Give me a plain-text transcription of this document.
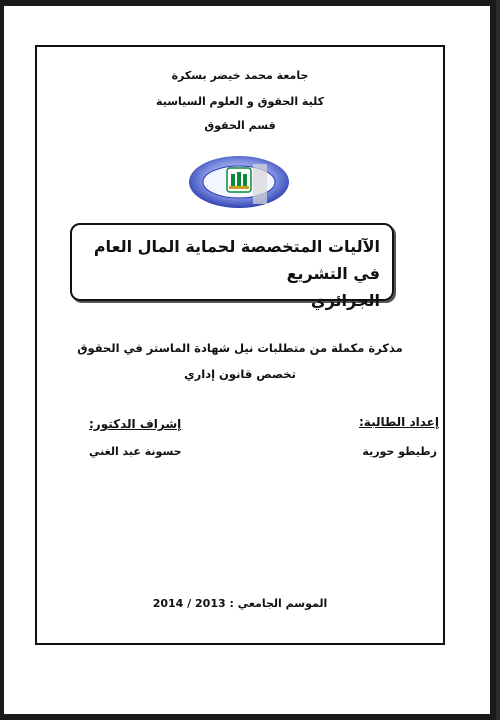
جامعة محمد خيضر بسكرة
كلية الحقوق و العلوم السياسية
قسم الحقوق
الآليات المتخصصة لحماية المال العام في التشريع
الجزائري
مذكرة مكملة من متطلبات نيل شهادة الماستر في الحقوق
تخصص قانون إداري
إعداد الطالبة:
زطيطو حورية
إشراف الدكتور:
حسونة عبد الغني
الموسم الجامعي : 2013 / 2014
